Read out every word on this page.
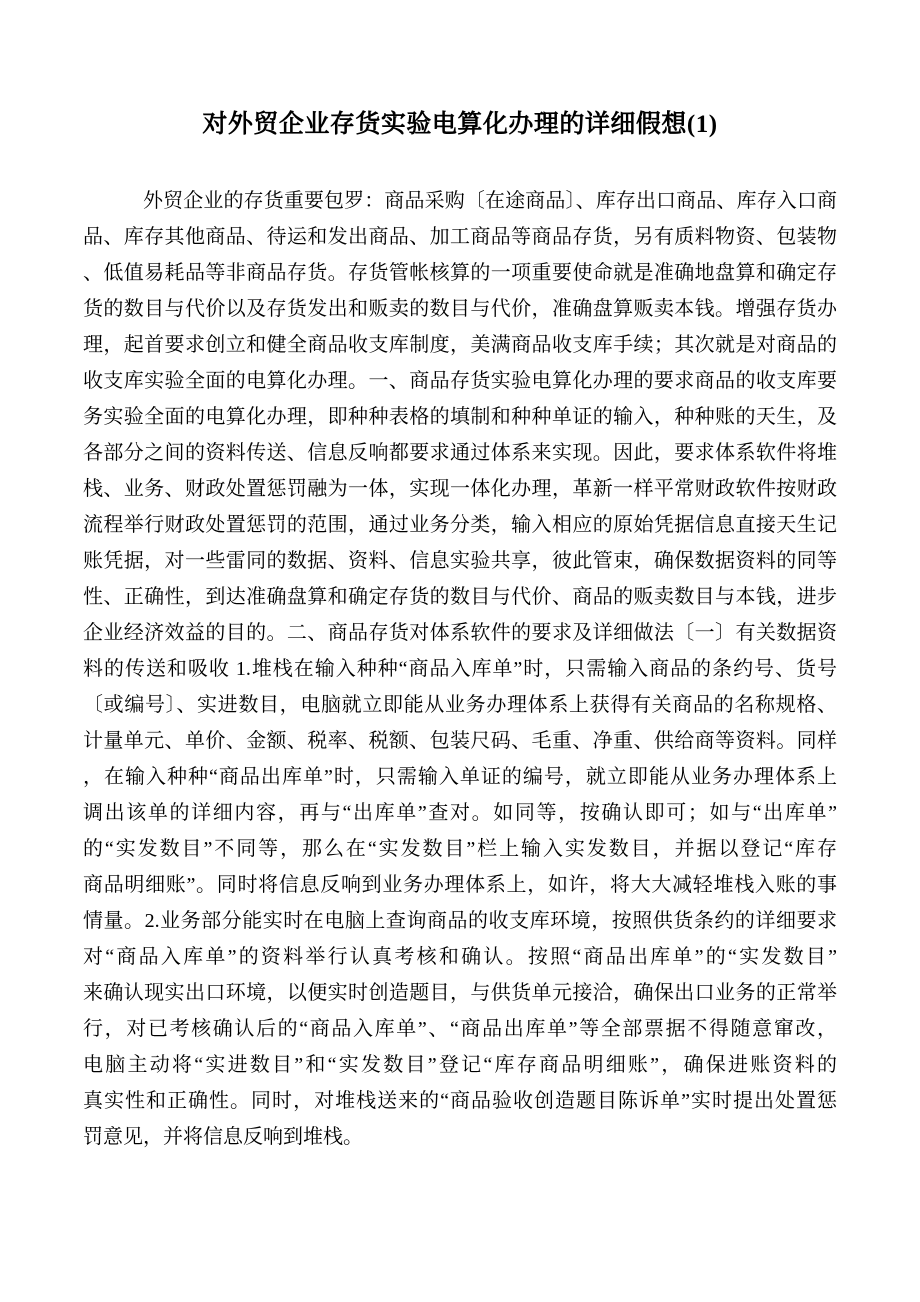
对外贸企业存货实验电算化办理的详细假想(1)
外贸企业的存货重要包罗：商品采购〔在途商品〕、库存出口商品、库存入口商
品、库存其他商品、待运和发出商品、加工商品等商品存货，另有质料物资、包装物
、低值易耗品等非商品存货。存货管帐核算的一项重要使命就是准确地盘算和确定存
货的数目与代价以及存货发出和贩卖的数目与代价，准确盘算贩卖本钱。增强存货办
理，起首要求创立和健全商品收支库制度，美满商品收支库手续；其次就是对商品的
收支库实验全面的电算化办理。一、商品存货实验电算化办理的要求商品的收支库要
务实验全面的电算化办理，即种种表格的填制和种种单证的输入，种种账的天生，及
各部分之间的资料传送、信息反响都要求通过体系来实现。因此，要求体系软件将堆
栈、业务、财政处置惩罚融为一体，实现一体化办理，革新一样平常财政软件按财政
流程举行财政处置惩罚的范围，通过业务分类，输入相应的原始凭据信息直接天生记
账凭据，对一些雷同的数据、资料、信息实验共享，彼此管束，确保数据资料的同等
性、正确性，到达准确盘算和确定存货的数目与代价、商品的贩卖数目与本钱，进步
企业经济效益的目的。二、商品存货对体系软件的要求及详细做法〔一〕有关数据资
料的传送和吸收 1.堆栈在输入种种“商品入库单”时，只需输入商品的条约号、货号
〔或编号〕、实进数目，电脑就立即能从业务办理体系上获得有关商品的名称规格、
计量单元、单价、金额、税率、税额、包装尺码、毛重、净重、供给商等资料。同样
，在输入种种“商品出库单”时，只需输入单证的编号，就立即能从业务办理体系上
调出该单的详细内容，再与“出库单”查对。如同等，按确认即可；如与“出库单”
的“实发数目”不同等，那么在“实发数目”栏上输入实发数目，并据以登记“库存
商品明细账”。同时将信息反响到业务办理体系上，如许，将大大减轻堆栈入账的事
情量。2.业务部分能实时在电脑上查询商品的收支库环境，按照供货条约的详细要求
对“商品入库单”的资料举行认真考核和确认。按照“商品出库单”的“实发数目”
来确认现实出口环境，以便实时创造题目，与供货单元接洽，确保出口业务的正常举
行，对已考核确认后的“商品入库单”、“商品出库单”等全部票据不得随意窜改，
电脑主动将“实进数目”和“实发数目”登记“库存商品明细账”，确保进账资料的
真实性和正确性。同时，对堆栈送来的“商品验收创造题目陈诉单”实时提出处置惩
罚意见，并将信息反响到堆栈。
